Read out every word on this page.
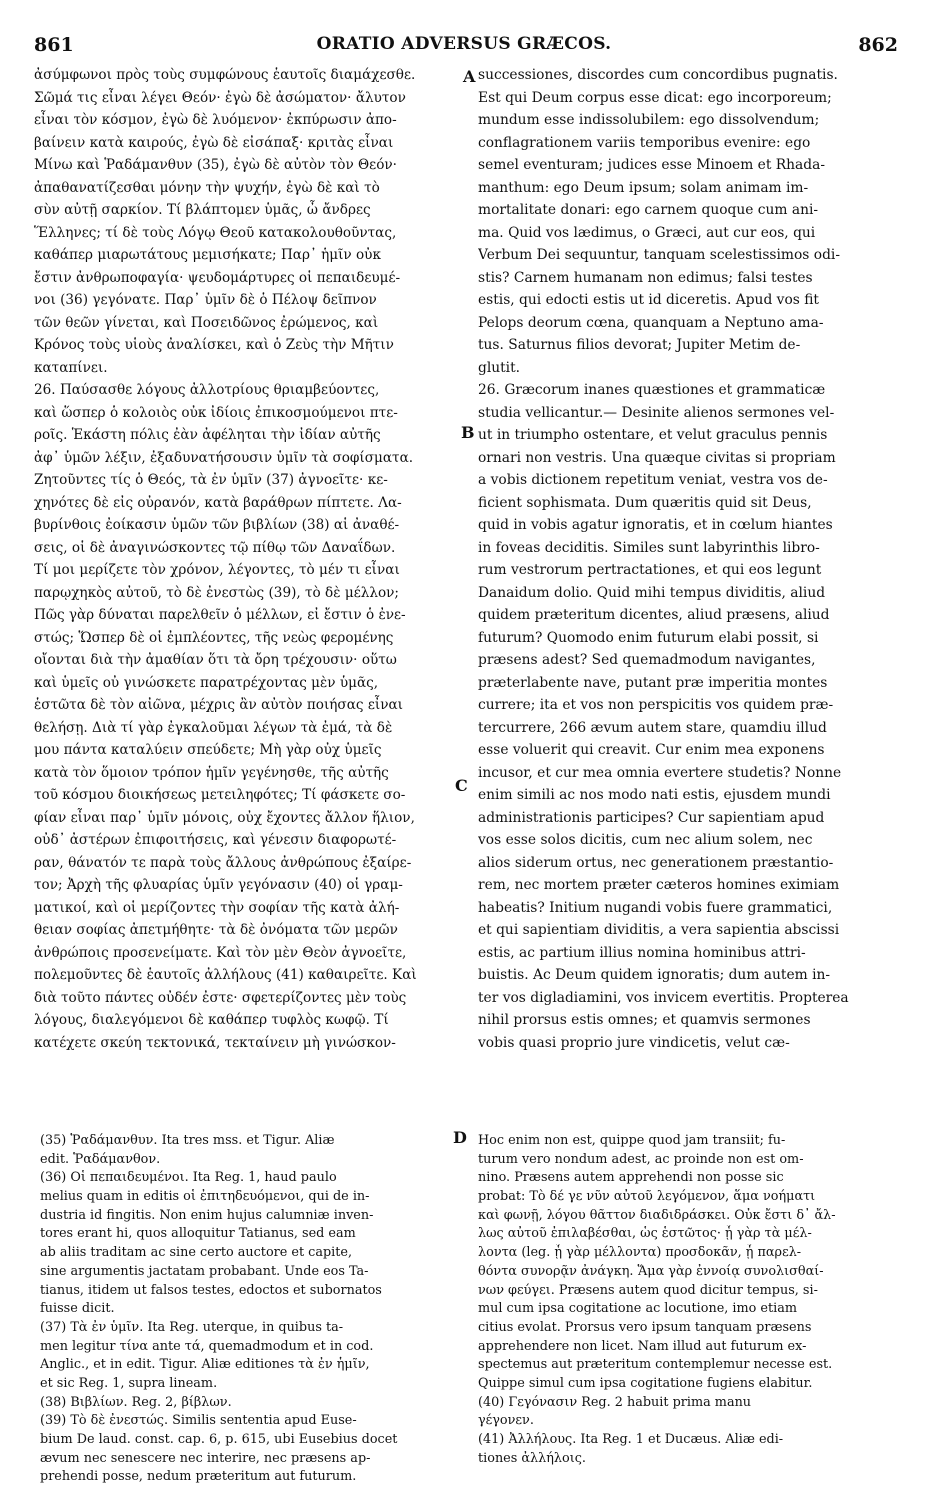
861	ORATIO ADVERSUS GRÆCOS.	862
ἀσύμφωνοι πρὸς τοὺς συμφώνους ἑαυτοῖς διαμάχεσθε.
Σῶμά τις εἶναι λέγει Θεόν· ἐγὼ δὲ ἀσώματον· ἄλυτον
εἶναι τὸν κόσμον, ἐγὼ δὲ λυόμενον· ἐκπύρωσιν ἀπο-
βαίνειν κατὰ καιρούς, ἐγὼ δὲ εἰσάπαξ· κριτὰς εἶναι
Μίνω καὶ Ῥαδάμανθυν (35), ἐγὼ δὲ αὐτὸν τὸν Θεόν·
ἀπαθανατίζεσθαι μόνην τὴν ψυχήν, ἐγὼ δὲ καὶ τὸ
σὺν αὐτῇ σαρκίον. Τί βλάπτομεν ὑμᾶς, ὦ ἄνδρες
Ἕλληνες; τί δὲ τοὺς Λόγῳ Θεοῦ κατακολουθοῦντας,
καθάπερ μιαρωτάτους μεμισήκατε; Παρ᾽ ἡμῖν οὐκ
ἔστιν ἀνθρωποφαγία· ψευδομάρτυρες οἱ πεπαιδευμέ-
νοι (36) γεγόνατε. Παρ᾽ ὑμῖν δὲ ὁ Πέλοψ δεῖπνον
τῶν θεῶν γίνεται, καὶ Ποσειδῶνος ἐρώμενος, καὶ
Κρόνος τοὺς υἱοὺς ἀναλίσκει, καὶ ὁ Ζεὺς τὴν Μῆτιν
καταπίνει.
26. Παύσασθε λόγους ἀλλοτρίους θριαμβεύοντες,
καὶ ὥσπερ ὁ κολοιὸς οὐκ ἰδίοις ἐπικοσμούμενοι πτε-
ροῖς. Ἑκάστη πόλις ἐὰν ἀφέληται τὴν ἰδίαν αὐτῆς
ἀφ᾽ ὑμῶν λέξιν, ἐξαδυνατήσουσιν ὑμῖν τὰ σοφίσματα.
Ζητοῦντες τίς ὁ Θεός, τὰ ἐν ὑμῖν (37) ἀγνοεῖτε· κε-
χηνότες δὲ εἰς οὐρανόν, κατὰ βαράθρων πίπτετε. Λα-
βυρίνθοις ἐοίκασιν ὑμῶν τῶν βιβλίων (38) αἱ ἀναθέ-
σεις, οἱ δὲ ἀναγινώσκοντες τῷ πίθῳ τῶν Δαναΐδων.
Τί μοι μερίζετε τὸν χρόνον, λέγοντες, τὸ μέν τι εἶναι
παρῳχηκὸς αὐτοῦ, τὸ δὲ ἐνεστὼς (39), τὸ δὲ μέλλον;
Πῶς γὰρ δύναται παρελθεῖν ὁ μέλλων, εἰ ἔστιν ὁ ἐνε-
στώς; Ὥσπερ δὲ οἱ ἐμπλέοντες, τῆς νεὼς φερομένης
οἴονται διὰ τὴν ἀμαθίαν ὅτι τὰ ὄρη τρέχουσιν· οὕτω
καὶ ὑμεῖς οὐ γινώσκετε παρατρέχοντας μὲν ὑμᾶς,
ἑστῶτα δὲ τὸν αἰῶνα, μέχρις ἂν αὐτὸν ποιήσας εἶναι
θελήσῃ. Διὰ τί γὰρ ἐγκαλοῦμαι λέγων τὰ ἐμά, τὰ δὲ
μου πάντα καταλύειν σπεύδετε; Μὴ γὰρ οὐχ ὑμεῖς
κατὰ τὸν ὅμοιον τρόπον ἡμῖν γεγένησθε, τῆς αὐτῆς
τοῦ κόσμου διοικήσεως μετειληφότες; Τί φάσκετε σο-
φίαν εἶναι παρ᾽ ὑμῖν μόνοις, οὐχ ἔχοντες ἄλλον ἥλιον,
οὐδ᾽ ἀστέρων ἐπιφοιτήσεις, καὶ γένεσιν διαφορωτέ-
ραν, θάνατόν τε παρὰ τοὺς ἄλλους ἀνθρώπους ἐξαίρε-
τον; Ἀρχὴ τῆς φλυαρίας ὑμῖν γεγόνασιν (40) οἱ γραμ-
ματικοί, καὶ οἱ μερίζοντες τὴν σοφίαν τῆς κατὰ ἀλή-
θειαν σοφίας ἀπετμήθητε· τὰ δὲ ὀνόματα τῶν μερῶν
ἀνθρώποις προσενείματε. Καὶ τὸν μὲν Θεὸν ἀγνοεῖτε,
πολεμοῦντες δὲ ἑαυτοῖς ἀλλήλους (41) καθαιρεῖτε. Καὶ
διὰ τοῦτο πάντες οὐδέν ἐστε· σφετερίζοντες μὲν τοὺς
λόγους, διαλεγόμενοι δὲ καθάπερ τυφλὸς κωφῷ. Τί
κατέχετε σκεύη τεκτονικά, τεκταίνειν μὴ γινώσκον-
successiones, discordes cum concordibus pugnatis.
Est qui Deum corpus esse dicat: ego incorporeum;
mundum esse indissolubilem: ego dissolvendum;
conflagrationem variis temporibus evenire: ego
semel eventuram; judices esse Minoem et Rhada-
manthum: ego Deum ipsum; solam animam im-
mortalitate donari: ego carnem quoque cum ani-
ma. Quid vos lædimus, o Græci, aut cur eos, qui
Verbum Dei sequuntur, tanquam scelestissimos odi-
stis? Carnem humanam non edimus; falsi testes
estis, qui edocti estis ut id diceretis. Apud vos fit
Pelops deorum cœna, quanquam a Neptuno ama-
tus. Saturnus filios devorat; Jupiter Metim de-
glutit.
26. Græcorum inanes quæstiones et grammaticæ
studia vellicantur.— Desinite alienos sermones vel-
ut in triumpho ostentare, et velut graculus pennis
ornari non vestris. Una quæque civitas si propriam
a vobis dictionem repetitum veniat, vestra vos de-
ficient sophismata. Dum quæritis quid sit Deus,
quid in vobis agatur ignoratis, et in cœlum hiantes
in foveas deciditis. Similes sunt labyrinthis libro-
rum vestrorum pertractationes, et qui eos legunt
Danaidum dolio. Quid mihi tempus dividitis, aliud
quidem præteritum dicentes, aliud præsens, aliud
futurum? Quomodo enim futurum elabi possit, si
præsens adest? Sed quemadmodum navigantes,
præterlabente nave, putant præ imperitia montes
currere; ita et vos non perspicitis vos quidem præ-
tercurrere, 266 ævum autem stare, quamdiu illud
esse voluerit qui creavit. Cur enim mea exponens
incusor, et cur mea omnia evertere studetis? Nonne
enim simili ac nos modo nati estis, ejusdem mundi
administrationis participes? Cur sapientiam apud
vos esse solos dicitis, cum nec alium solem, nec
alios siderum ortus, nec generationem præstantio-
rem, nec mortem præter cæteros homines eximiam
habeatis? Initium nugandi vobis fuere grammatici,
et qui sapientiam dividitis, a vera sapientia abscissi
estis, ac partium illius nomina hominibus attri-
buistis. Ac Deum quidem ignoratis; dum autem in-
ter vos digladiamini, vos invicem evertitis. Propterea
nihil prorsus estis omnes; et quamvis sermones
vobis quasi proprio jure vindicetis, velut cæ-
A
B
C
D
(35) Ῥαδάμανθυν. Ita tres mss. et Tigur. Aliæ
edit. Ῥαδάμανθον.
(36) Οἱ πεπαιδευμένοι. Ita Reg. 1, haud paulo
melius quam in editis οἱ ἐπιτηδευόμενοι, qui de in-
dustria id fingitis. Non enim hujus calumniæ inven-
tores erant hi, quos alloquitur Tatianus, sed eam
ab aliis traditam ac sine certo auctore et capite,
sine argumentis jactatam probabant. Unde eos Ta-
tianus, itidem ut falsos testes, edoctos et subornatos
fuisse dicit.
(37) Τὰ ἐν ὑμῖν. Ita Reg. uterque, in quibus ta-
men legitur τίνα ante τά, quemadmodum et in cod.
Anglic., et in edit. Tigur. Aliæ editiones τὰ ἐν ἡμῖν,
et sic Reg. 1, supra lineam.
(38) Βιβλίων. Reg. 2, βίβλων.
(39) Τὸ δὲ ἐνεστώς. Similis sententia apud Euse-
bium De laud. const. cap. 6, p. 615, ubi Eusebius docet
ævum nec senescere nec interire, nec præsens ap-
prehendi posse, nedum præteritum aut futurum.
Hoc enim non est, quippe quod jam transiit; fu-
turum vero nondum adest, ac proinde non est om-
nino. Præsens autem apprehendi non posse sic
probat: Τὸ δέ γε νῦν αὐτοῦ λεγόμενον, ἅμα νοήματι
καὶ φωνῇ, λόγου θᾶττον διαδιδράσκει. Οὐκ ἔστι δ᾽ ἄλ-
λως αὐτοῦ ἐπιλαβέσθαι, ὡς ἑστῶτος· ᾗ γὰρ τὰ μέλ-
λοντα (leg. ᾗ γὰρ μέλλοντα) προσδοκᾶν, ᾗ παρελ-
θόντα συνορᾷν ἀνάγκη. Ἅμα γὰρ ἐννοίᾳ συνολισθαί-
νων φεύγει. Præsens autem quod dicitur tempus, si-
mul cum ipsa cogitatione ac locutione, imo etiam
citius evolat. Prorsus vero ipsum tanquam præsens
apprehendere non licet. Nam illud aut futurum ex-
spectemus aut præteritum contemplemur necesse est.
Quippe simul cum ipsa cogitatione fugiens elabitur.
(40) Γεγόνασιν Reg. 2 habuit prima manu
γέγονεν.
(41) Ἀλλήλους. Ita Reg. 1 et Ducæus. Aliæ edi-
tiones ἀλλήλοις.
